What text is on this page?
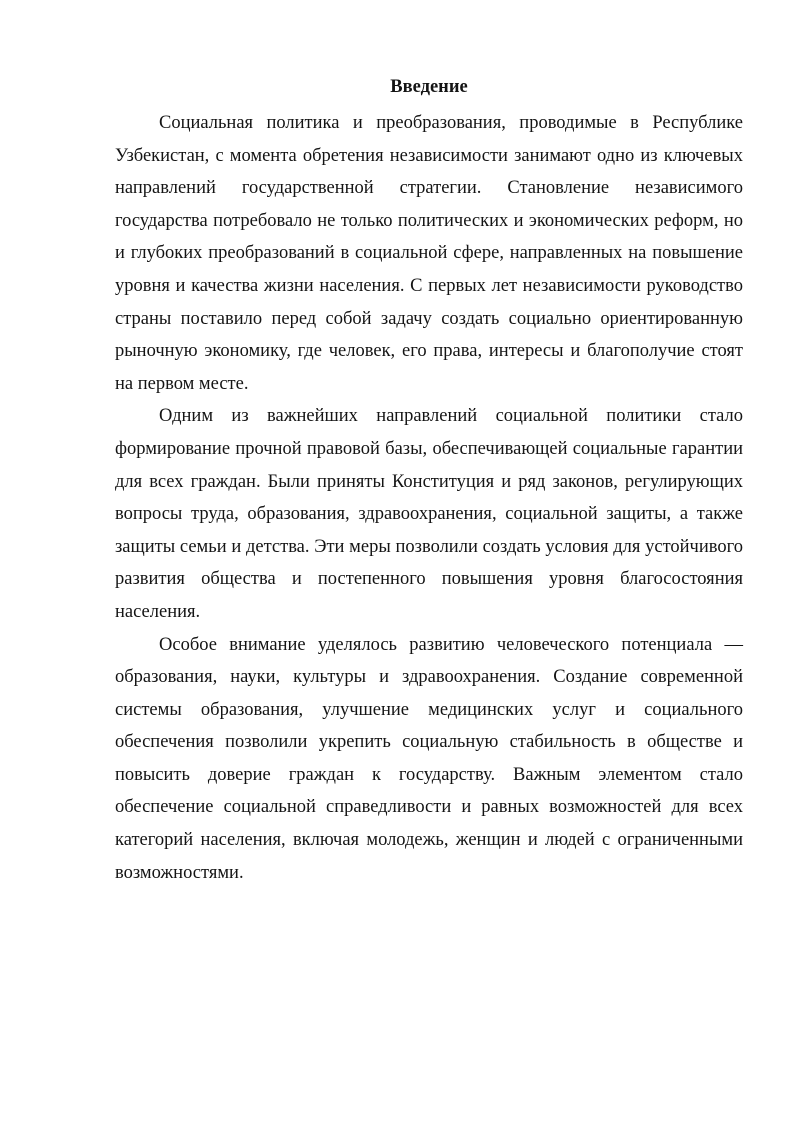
Введение

Социальная политика и преобразования, проводимые в Республике Узбекистан, с момента обретения независимости занимают одно из ключевых направлений государственной стратегии. Становление независимого государства потребовало не только политических и экономических реформ, но и глубоких преобразований в социальной сфере, направленных на повышение уровня и качества жизни населения. С первых лет независимости руководство страны поставило перед собой задачу создать социально ориентированную рыночную экономику, где человек, его права, интересы и благополучие стоят на первом месте.

Одним из важнейших направлений социальной политики стало формирование прочной правовой базы, обеспечивающей социальные гарантии для всех граждан. Были приняты Конституция и ряд законов, регулирующих вопросы труда, образования, здравоохранения, социальной защиты, а также защиты семьи и детства. Эти меры позволили создать условия для устойчивого развития общества и постепенного повышения уровня благосостояния населения.

Особое внимание уделялось развитию человеческого потенциала — образования, науки, культуры и здравоохранения. Создание современной системы образования, улучшение медицинских услуг и социального обеспечения позволили укрепить социальную стабильность в обществе и повысить доверие граждан к государству. Важным элементом стало обеспечение социальной справедливости и равных возможностей для всех категорий населения, включая молодежь, женщин и людей с ограниченными возможностями.
